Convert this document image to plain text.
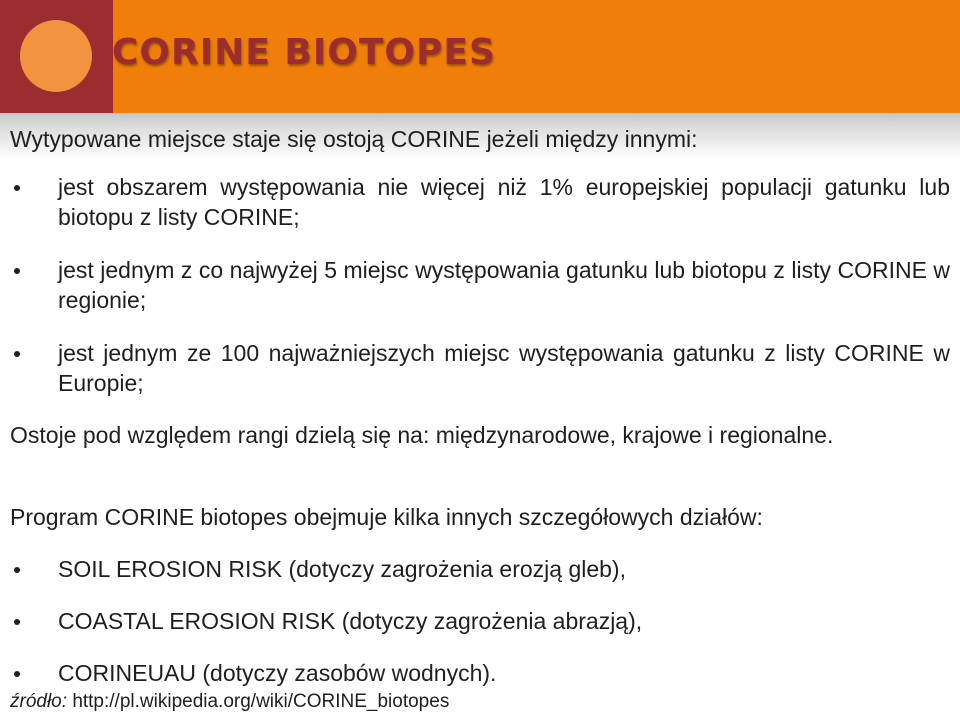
CORINE BIOTOPES
Wytypowane miejsce staje się ostoją CORINE jeżeli między innymi:
jest obszarem występowania nie więcej niż 1% europejskiej populacji gatunku lub biotopu z listy CORINE;
jest jednym z co najwyżej 5 miejsc występowania gatunku lub biotopu z listy CORINE w regionie;
jest jednym ze 100 najważniejszych miejsc występowania gatunku z listy CORINE w Europie;
Ostoje pod względem rangi dzielą się na: międzynarodowe, krajowe i regionalne.
Program CORINE biotopes obejmuje kilka innych szczegółowych działów:
SOIL EROSION RISK (dotyczy zagrożenia erozją gleb),
COASTAL EROSION RISK (dotyczy zagrożenia abrazją),
CORINEUAU (dotyczy zasobów wodnych).
źródło: http://pl.wikipedia.org/wiki/CORINE_biotopes
